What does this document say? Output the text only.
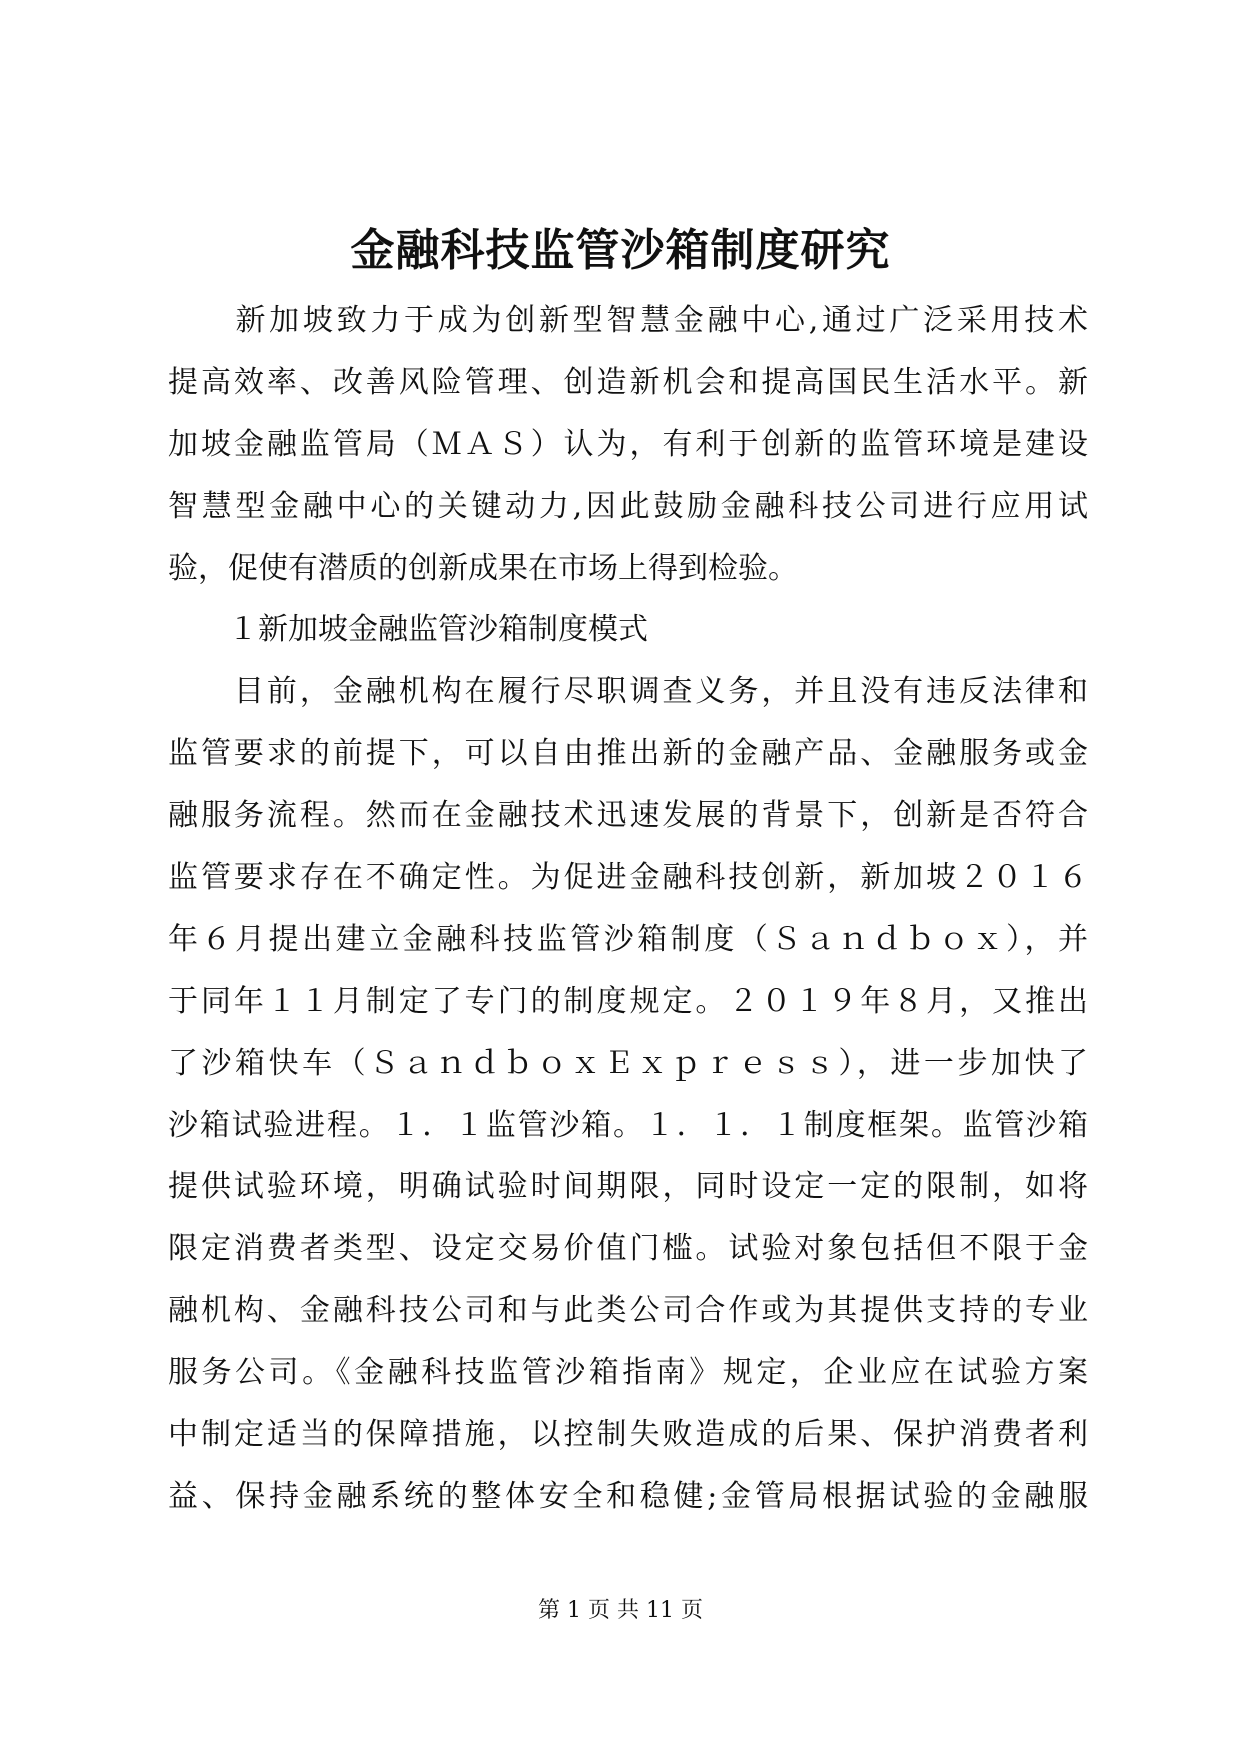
金融科技监管沙箱制度研究
　　新加坡致力于成为创新型智慧金融中心,通过广泛采用技术
提高效率、改善风险管理、创造新机会和提高国民生活水平。新
加坡金融监管局（ＭＡＳ）认为，有利于创新的监管环境是建设
智慧型金融中心的关键动力,因此鼓励金融科技公司进行应用试
验，促使有潜质的创新成果在市场上得到检验。
　　１新加坡金融监管沙箱制度模式
　　目前，金融机构在履行尽职调查义务，并且没有违反法律和
监管要求的前提下，可以自由推出新的金融产品、金融服务或金
融服务流程。然而在金融技术迅速发展的背景下，创新是否符合
监管要求存在不确定性。为促进金融科技创新，新加坡２０１６
年６月提出建立金融科技监管沙箱制度（Ｓａｎｄｂｏｘ），并
于同年１１月制定了专门的制度规定。２０１９年８月，又推出
了沙箱快车（ＳａｎｄｂｏｘＥｘｐｒｅｓｓ），进一步加快了
沙箱试验进程。１．１监管沙箱。１．１．１制度框架。监管沙箱
提供试验环境，明确试验时间期限，同时设定一定的限制，如将
限定消费者类型、设定交易价值门槛。试验对象包括但不限于金
融机构、金融科技公司和与此类公司合作或为其提供支持的专业
服务公司。《金融科技监管沙箱指南》规定，企业应在试验方案
中制定适当的保障措施，以控制失败造成的后果、保护消费者利
益、保持金融系统的整体安全和稳健;金管局根据试验的金融服
第 1 页 共 11 页
